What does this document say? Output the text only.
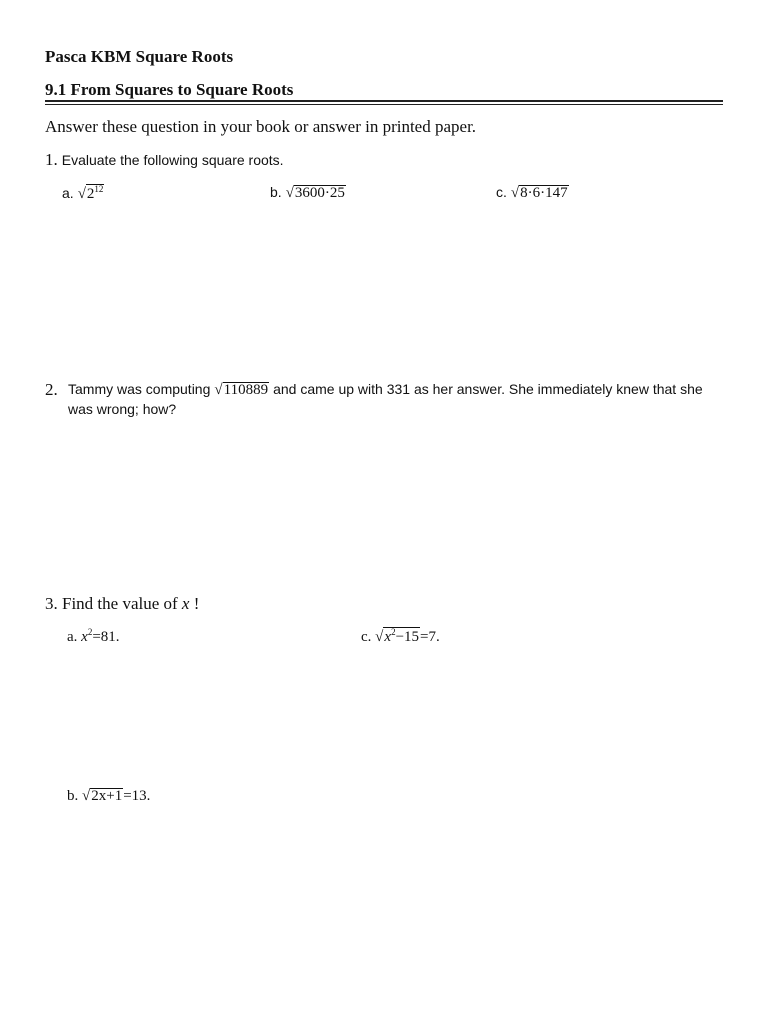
Pasca KBM Square Roots
9.1 From Squares to Square Roots
Answer these question in your book or answer in printed paper.
1. Evaluate the following square roots.
a. $√2^{12}$	b. √3600·25	c. √8·6·147
2. Tammy was computing √110889 and came up with 331 as her answer. She immediately knew that she
was wrong; how?
3. Find the value of x !
a. $x^2=81$.	c. $√x^2-15=7$.
b. √2x+1=13.
